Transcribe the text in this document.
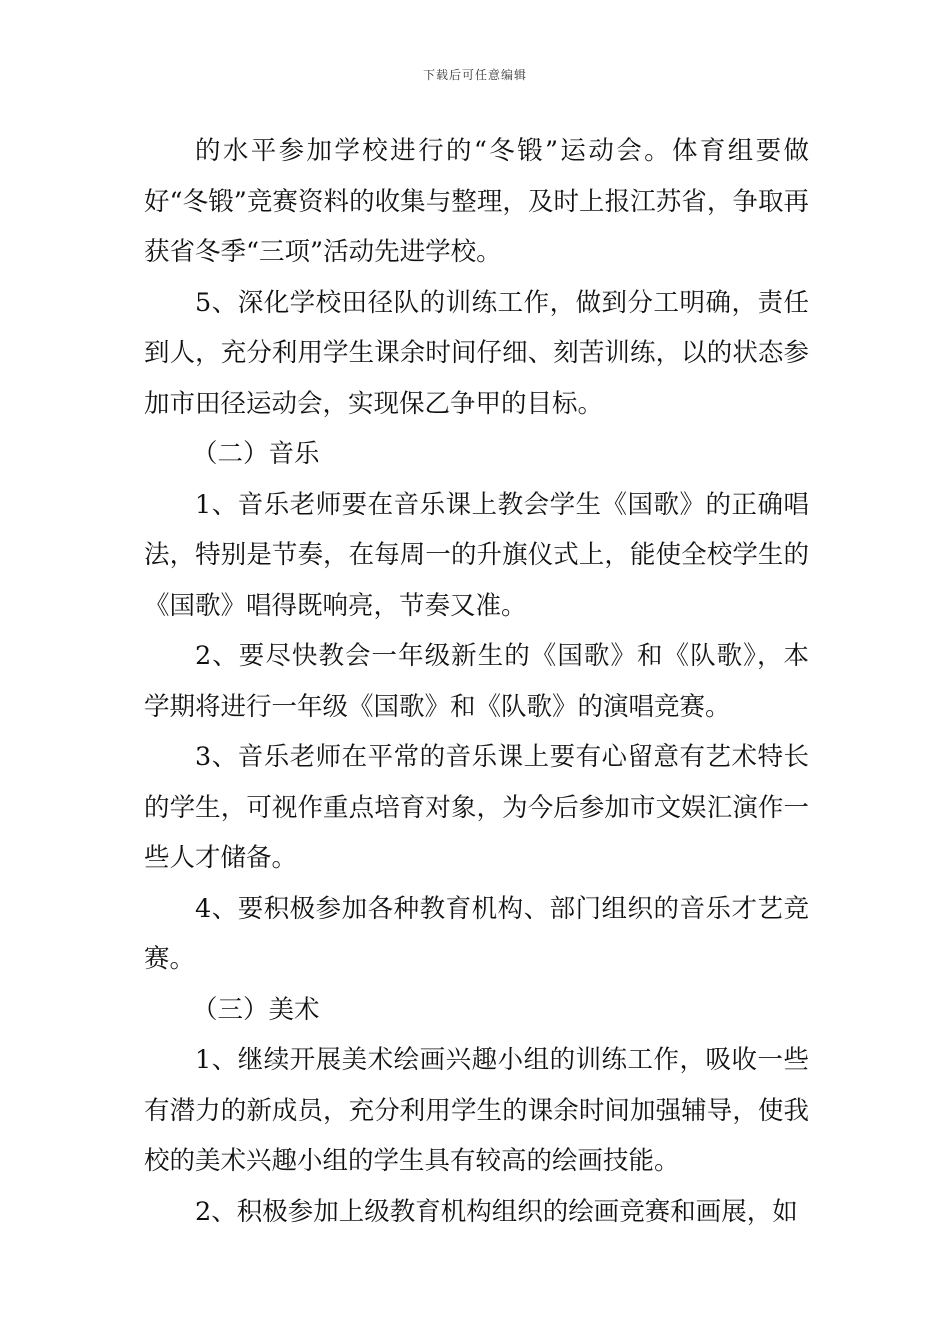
下载后可任意编辑

的水平参加学校进行的“冬锻”运动会。体育组要做好“冬锻”竞赛资料的收集与整理，及时上报江苏省，争取再获省冬季“三项”活动先进学校。

5、深化学校田径队的训练工作，做到分工明确，责任到人，充分利用学生课余时间仔细、刻苦训练，以的状态参加市田径运动会，实现保乙争甲的目标。

（二）音乐

1、音乐老师要在音乐课上教会学生《国歌》的正确唱法，特别是节奏，在每周一的升旗仪式上，能使全校学生的《国歌》唱得既响亮，节奏又准。

2、要尽快教会一年级新生的《国歌》和《队歌》，本学期将进行一年级《国歌》和《队歌》的演唱竞赛。

3、音乐老师在平常的音乐课上要有心留意有艺术特长的学生，可视作重点培育对象，为今后参加市文娱汇演作一些人才储备。

4、要积极参加各种教育机构、部门组织的音乐才艺竞赛。

（三）美术

1、继续开展美术绘画兴趣小组的训练工作，吸收一些有潜力的新成员，充分利用学生的课余时间加强辅导，使我校的美术兴趣小组的学生具有较高的绘画技能。

2、积极参加上级教育机构组织的绘画竞赛和画展，如
